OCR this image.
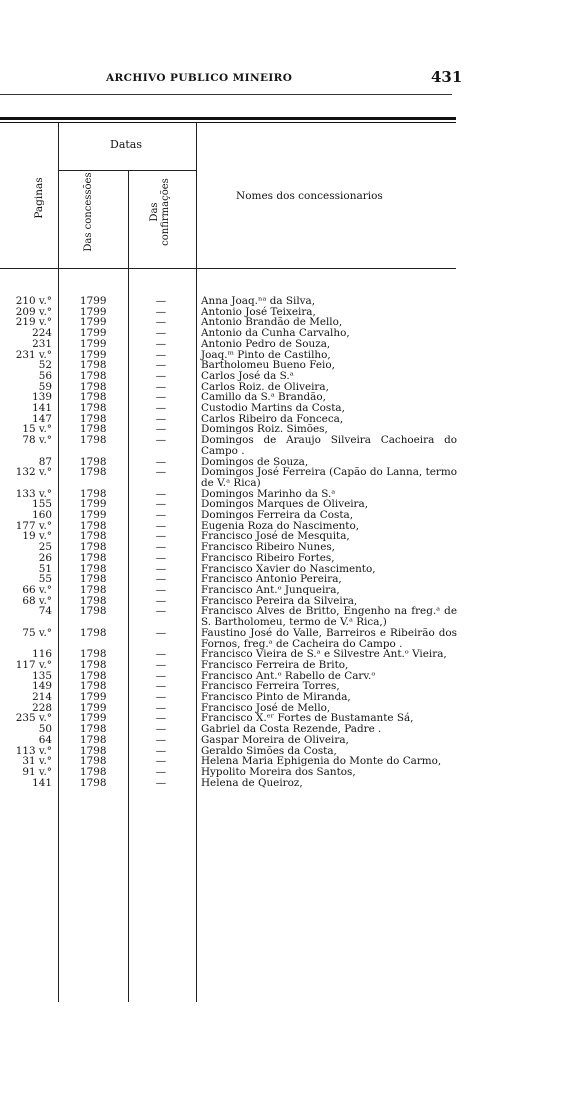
ARCHIVO PUBLICO MINEIRO	431
Datas
Paginas	Das concessões	Das confirmações	Nomes dos concessionarios
210 v.°	1799	—	Anna Joaq.ⁿᵃ da Silva,
209 v.°	1799	—	Antonio José Teixeira,
219 v.°	1799	—	Antonio Brandão de Mello,
224	1799	—	Antonio da Cunha Carvalho,
231	1799	—	Antonio Pedro de Souza,
231 v.°	1799	—	Joaq.ᵐ Pinto de Castilho,
52	1798	—	Bartholomeu Bueno Feio,
56	1798	—	Carlos José da S.ᵃ
59	1798	—	Carlos Roiz. de Oliveira,
139	1798	—	Camillo da S.ᵃ Brandão,
141	1798	—	Custodio Martins da Costa,
147	1798	—	Carlos Ribeiro da Fonceca,
15 v.°	1798	—	Domingos Roiz. Simões,
78 v.°	1798	—	Domingos de Araujo Silveira Cachoeira do Campo .
87	1798	—	Domingos de Souza,
132 v.°	1798	—	Domingos José Ferreira (Capão do Lanna, termo de V.ᵃ Rica)
133 v.°	1798	—	Domingos Marinho da S.ᵃ
155	1799	—	Domingos Marques de Oliveira,
160	1799	—	Domingos Ferreira da Costa,
177 v.°	1798	—	Eugenia Roza do Nascimento,
19 v.°	1798	—	Francisco José de Mesquita,
25	1798	—	Francisco Ribeiro Nunes,
26	1798	—	Francisco Ribeiro Fortes,
51	1798	—	Francisco Xavier do Nascimento,
55	1798	—	Francisco Antonio Pereira,
66 v.°	1798	—	Francisco Ant.ᵒ Junqueira,
68 v.°	1798	—	Francisco Pereira da Silveira,
74	1798	—	Francisco Alves de Britto, Engenho na freg.ᵃ de S. Bartholomeu, termo de V.ᵃ Rica,)
75 v.°	1798	—	Faustino José do Valle, Barreiros e Ribeirão dos Fornos, freg.ᵃ de Cacheira do Campo .
116	1798	—	Francisco Vieira de S.ᵃ e Silvestre Ant.ᵒ Vieira,
117 v.°	1798	—	Francisco Ferreira de Brito,
135	1798	—	Francisco Ant.ᵒ Rabello de Carv.ᵒ
149	1798	—	Francisco Ferreira Torres,
214	1799	—	Francisco Pinto de Miranda,
228	1799	—	Francisco José de Mello,
235 v.°	1799	—	Francisco X.ᵉʳ Fortes de Bustamante Sá,
50	1798	—	Gabriel da Costa Rezende, Padre .
64	1798	—	Gaspar Moreira de Oliveira,
113 v.°	1798	—	Geraldo Simões da Costa,
31 v.°	1798	—	Helena Maria Ephigenia do Monte do Carmo,
91 v.°	1798	—	Hypolito Moreira dos Santos,
141	1798	—	Helena de Queiroz,
